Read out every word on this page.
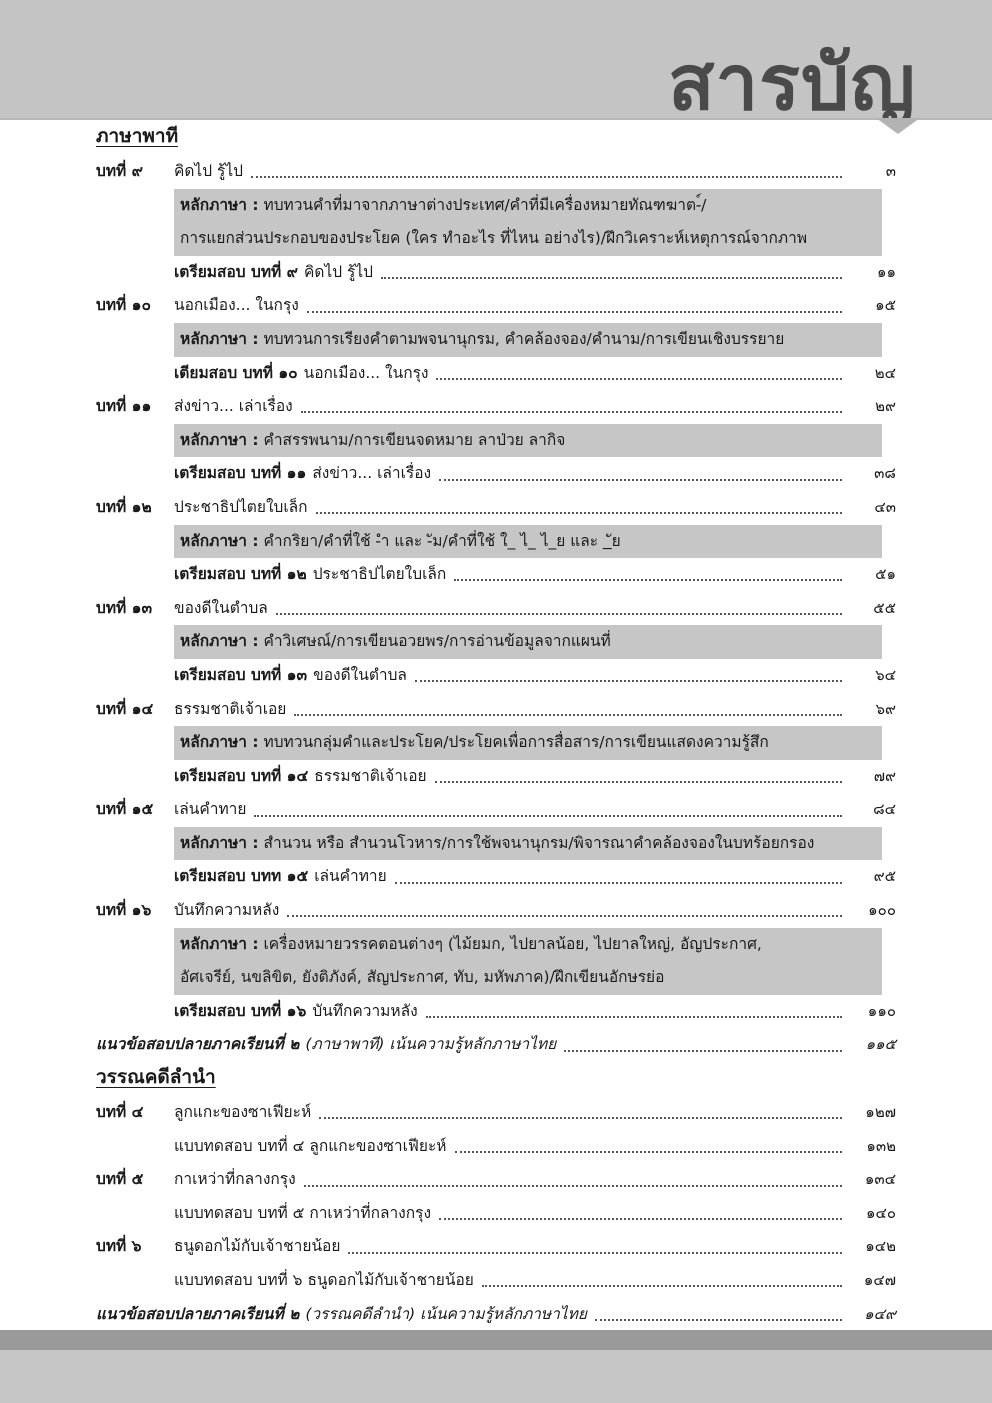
สารบัญ
ภาษาพาที
บทที่ ๙	คิดไป รู้ไป	๓
หลักภาษา : ทบทวนคำที่มาจากภาษาต่างประเทศ/คำที่มีเครื่องหมายทัณฑฆาต-์/
การแยกส่วนประกอบของประโยค (ใคร ทำอะไร ที่ไหน อย่างไร)/ฝึกวิเคราะห์เหตุการณ์จากภาพ
เตรียมสอบ บทที่ ๙ คิดไป รู้ไป	๑๑
บทที่ ๑๐	นอกเมือง... ในกรุง	๑๕
หลักภาษา : ทบทวนการเรียงคำตามพจนานุกรม, คำคล้องจอง/คำนาม/การเขียนเชิงบรรยาย
เตียมสอบ บทที่ ๑๐ นอกเมือง... ในกรุง	๒๔
บทที่ ๑๑	ส่งข่าว... เล่าเรื่อง	๒๙
หลักภาษา : คำสรรพนาม/การเขียนจดหมาย ลาป่วย ลากิจ
เตรียมสอบ บทที่ ๑๑ ส่งข่าว... เล่าเรื่อง	๓๘
บทที่ ๑๒	ประชาธิปไตยใบเล็ก	๔๓
หลักภาษา : คำกริยา/คำที่ใช้ -ำ และ -ัม/คำที่ใช้ ใ_ ไ_ ไ_ย และ _ัย
เตรียมสอบ บทที่ ๑๒ ประชาธิปไตยใบเล็ก	๕๑
บทที่ ๑๓	ของดีในตำบล	๕๕
หลักภาษา : คำวิเศษณ์/การเขียนอวยพร/การอ่านข้อมูลจากแผนที่
เตรียมสอบ บทที่ ๑๓ ของดีในตำบล	๖๔
บทที่ ๑๔	ธรรมชาติเจ้าเอย	๖๙
หลักภาษา : ทบทวนกลุ่มคำและประโยค/ประโยคเพื่อการสื่อสาร/การเขียนแสดงความรู้สึก
เตรียมสอบ บทที่ ๑๔ ธรรมชาติเจ้าเอย	๗๙
บทที่ ๑๕	เล่นคำทาย	๘๔
หลักภาษา : สำนวน หรือ สำนวนโวหาร/การใช้พจนานุกรม/พิจารณาคำคล้องจองในบทร้อยกรอง
เตรียมสอบ บทท ๑๕ เล่นคำทาย	๙๕
บทที่ ๑๖	บันทึกความหลัง	๑๐๐
หลักภาษา : เครื่องหมายวรรคตอนต่างๆ (ไม้ยมก, ไปยาลน้อย, ไปยาลใหญ่, อัญประกาศ,
อัศเจรีย์, นขลิขิต, ยังติภังค์, สัญประกาศ, ทับ, มหัพภาค)/ฝึกเขียนอักษรย่อ
เตรียมสอบ บทที่ ๑๖ บันทึกความหลัง	๑๑๐
แนวข้อสอบปลายภาคเรียนที่ ๒ (ภาษาพาที) เน้นความรู้หลักภาษาไทย	๑๑๕
วรรณคดีลำนำ
บทที่ ๔	ลูกแกะของซาเฟียะห์	๑๒๗
แบบทดสอบ บทที่ ๔ ลูกแกะของซาเฟียะห์	๑๓๒
บทที่ ๕	กาเหว่าที่กลางกรุง	๑๓๔
แบบทดสอบ บทที่ ๕ กาเหว่าที่กลางกรุง	๑๔๐
บทที่ ๖	ธนูดอกไม้กับเจ้าชายน้อย	๑๔๒
แบบทดสอบ บทที่ ๖ ธนูดอกไม้กับเจ้าชายน้อย	๑๔๗
แนวข้อสอบปลายภาคเรียนที่ ๒ (วรรณคดีลำนำ) เน้นความรู้หลักภาษาไทย	๑๔๙
